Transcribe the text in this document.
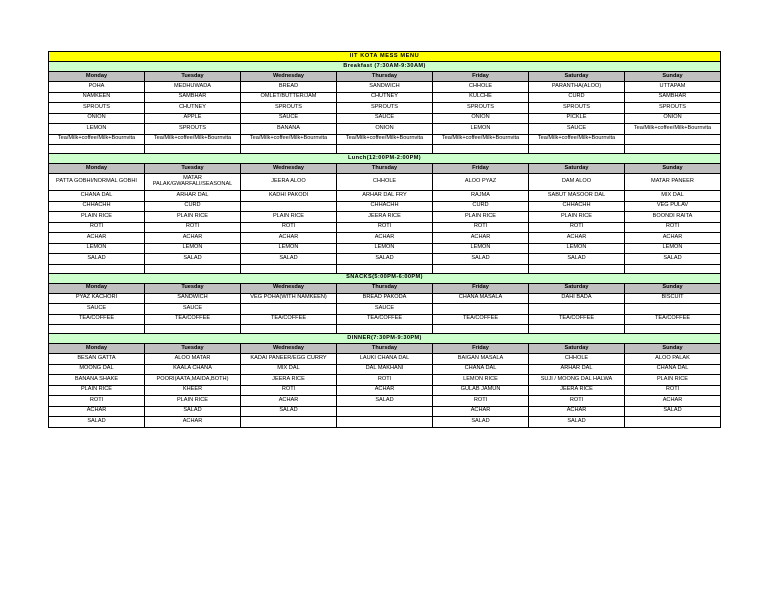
IIT KOTA MESS MENU						
Breakfast (7:30AM-9:30AM)						
Monday	Tuesday	Wednesday	Thursday	Friday	Saturday	Sunday
POHA	MEDHUWADA	BREAD	SANDWICH	CHHOLE	PARANTHA(ALOO)	UTTAPAM
NAMKEEN	SAMBHAR	OMLET/BUTTER/JAM	CHUTNEY	KULCHE	CURD	SAMBHAR
SPROUTS	CHUTNEY	SPROUTS	SPROUTS	SPROUTS	SPROUTS	SPROUTS
ONION	APPLE	SAUCE	SAUCE	ONION	PICKLE	ONION
LEMON	SPROUTS	BANANA	ONION	LEMON	SAUCE	Tea/Milk+coffee/Milk+Bournvita
Tea/Milk+coffee/Milk+Bournvita	Tea/Milk+coffee/Milk+Bournvita	Tea/Milk+coffee/Milk+Bournvita	Tea/Milk+coffee/Milk+Bournvita	Tea/Milk+coffee/Milk+Bournvita	Tea/Milk+coffee/Milk+Bournvita	

Lunch(12:00PM-2:00PM)						
Monday	Tuesday	Wednesday	Thursday	Friday	Saturday	Sunday
PATTA GOBHI/NORMAL GOBHI	MATAR PALAK/GWARFALI/SEASONAL	JEERA ALOO	CHHOLE	ALOO PYAZ	DAM ALOO	MATAR PANEER
CHANA DAL	ARHAR DAL	KADHI PAKODI	ARHAR DAL FRY	RAJMA	SABUT MASOOR DAL	MIX DAL
CHHACHH	CURD		CHHACHH	CURD	CHHACHH	VEG PULAV
PLAIN RICE	PLAIN RICE	PLAIN RICE	JEERA RICE	PLAIN RICE	PLAIN RICE	BOONDI RAITA
ROTI	ROTI	ROTI	ROTI	ROTI	ROTI	ROTI
ACHAR	ACHAR	ACHAR	ACHAR	ACHAR	ACHAR	ACHAR
LEMON	LEMON	LEMON	LEMON	LEMON	LEMON	LEMON
SALAD	SALAD	SALAD	SALAD	SALAD	SALAD	SALAD

SNACKS(5:00PM-6:00PM)						
Monday	Tuesday	Wednesday	Thursday	Friday	Saturday	Sunday
PYAZ KACHORI	SANDWICH	VEG POHA(WITH NAMKEEN)	BREAD PAKODA	CHANA MASALA	DAHI BADA	BISCUIT
SAUCE	SAUCE		SAUCE			
TEA/COFFEE	TEA/COFFEE	TEA/COFFEE	TEA/COFFEE	TEA/COFFEE	TEA/COFFEE	TEA/COFFEE

DINNER(7:30PM-9:30PM)						
Monday	Tuesday	Wednesday	Thursday	Friday	Saturday	Sunday
BESAN GATTA	ALOO MATAR	KADAI PANEER/EGG CURRY	LAUKI CHANA DAL	BAIGAN MASALA	CHHOLE	ALOO PALAK
MOONG DAL	KAALA CHANA	MIX DAL	DAL MAKHANI	CHANA DAL	ARHAR DAL	CHANA DAL
BANANA SHAKE	POORI(AATA,MAIDA,BOTH)	JEERA RICE	ROTI	LEMON RICE	SUJI / MOONG DAL HALWA	PLAIN RICE
PLAIN RICE	KHEER	ROTI	ACHAR	GULAB JAMUN	JEERA RICE	ROTI
ROTI	PLAIN RICE	ACHAR	SALAD	ROTI	ROTI	ACHAR
ACHAR	SALAD	SALAD		ACHAR	ACHAR	SALAD
SALAD	ACHAR			SALAD	SALAD	
